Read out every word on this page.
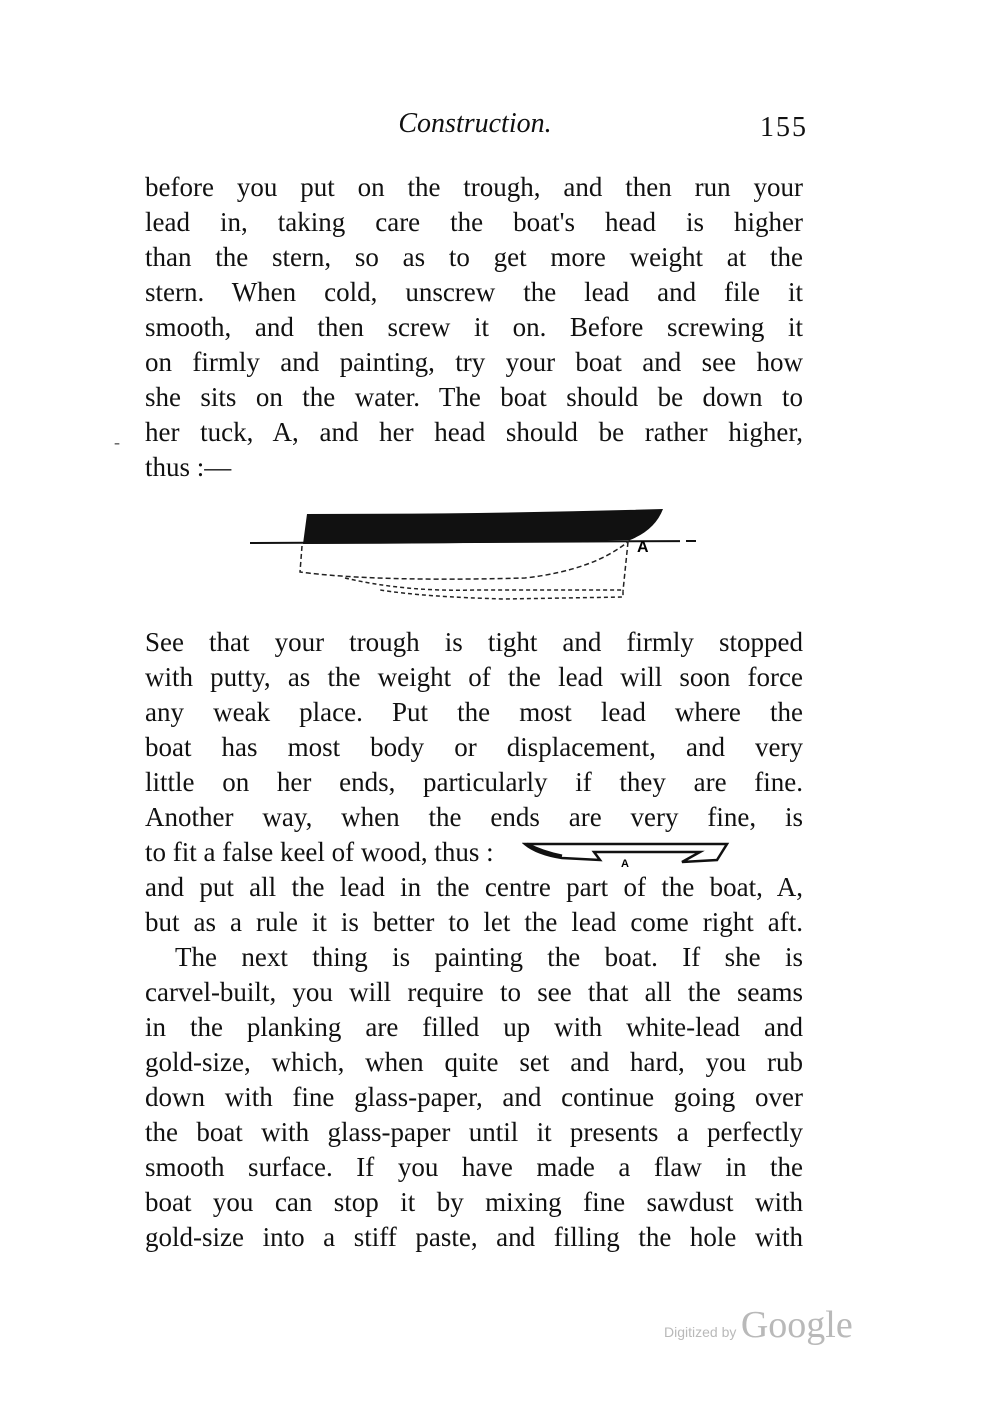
Construction.	155
-
before you put on the trough, and then run your
lead in, taking care the boat's head is higher
than the stern, so as to get more weight at the
stern. When cold, unscrew the lead and file it
smooth, and then screw it on. Before screwing it
on firmly and painting, try your boat and see how
she sits on the water. The boat should be down to
her tuck, A, and her head should be rather higher,
thus :—
A
See that your trough is tight and firmly stopped
with putty, as the weight of the lead will soon force
any weak place. Put the most lead where the
boat has most body or displacement, and very
little on her ends, particularly if they are fine.
Another way, when the ends are very fine, is
to fit a false keel of wood, thus :	A
and put all the lead in the centre part of the boat, A,
but as a rule it is better to let the lead come right aft.
The next thing is painting the boat. If she is
carvel-built, you will require to see that all the seams
in the planking are filled up with white-lead and
gold-size, which, when quite set and hard, you rub
down with fine glass-paper, and continue going over
the boat with glass-paper until it presents a perfectly
smooth surface. If you have made a flaw in the
boat you can stop it by mixing fine sawdust with
gold-size into a stiff paste, and filling the hole with
Digitized by Google
